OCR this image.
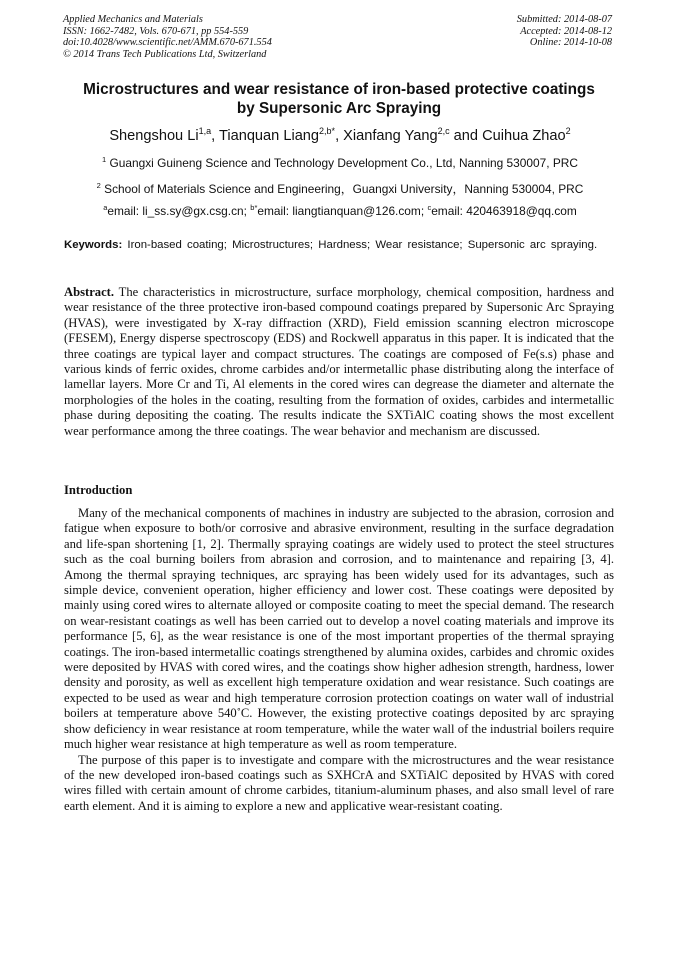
Applied Mechanics and Materials
ISSN: 1662-7482, Vols. 670-671, pp 554-559
doi:10.4028/www.scientific.net/AMM.670-671.554
© 2014 Trans Tech Publications Ltd, Switzerland
Submitted: 2014-08-07
Accepted: 2014-08-12
Online: 2014-10-08
Microstructures and wear resistance of iron-based protective coatings
by Supersonic Arc Spraying
Shengshou Li$^{1,a}$, Tianquan Liang$^{2,b*}$, Xianfang Yang$^{2,c}$ and Cuihua Zhao$^2$
$^1$ Guangxi Guineng Science and Technology Development Co., Ltd, Nanning 530007, PRC
$^2$ School of Materials Science and Engineering，Guangxi University，Nanning 530004, PRC
$^a$email: li_ss.sy@gx.csg.cn; $^{b*}$email: liangtianquan@126.com; $^c$email: 420463918@qq.com
Keywords: Iron-based coating; Microstructures; Hardness; Wear resistance; Supersonic arc spraying.
Abstract. The characteristics in microstructure, surface morphology, chemical composition, hardness and wear resistance of the three protective iron-based compound coatings prepared by Supersonic Arc Spraying (HVAS), were investigated by X-ray diffraction (XRD), Field emission scanning electron microscope (FESEM), Energy disperse spectroscopy (EDS) and Rockwell apparatus in this paper. It is indicated that the three coatings are typical layer and compact structures. The coatings are composed of Fe(s.s) phase and various kinds of ferric oxides, chrome carbides and/or intermetallic phase distributing along the interface of lamellar layers. More Cr and Ti, Al elements in the cored wires can degrease the diameter and alternate the morphologies of the holes in the coating, resulting from the formation of oxides, carbides and intermetallic phase during depositing the coating. The results indicate the SXTiAlC coating shows the most excellent wear performance among the three coatings. The wear behavior and mechanism are discussed.
Introduction

Many of the mechanical components of machines in industry are subjected to the abrasion, corrosion and fatigue when exposure to both/or corrosive and abrasive environment, resulting in the surface degradation and life-span shortening [1, 2]. Thermally spraying coatings are widely used to protect the steel structures such as the coal burning boilers from abrasion and corrosion, and to maintenance and repairing [3, 4]. Among the thermal spraying techniques, arc spraying has been widely used for its advantages, such as simple device, convenient operation, higher efficiency and lower cost. These coatings were deposited by mainly using cored wires to alternate alloyed or composite coating to meet the special demand. The research on wear-resistant coatings as well has been carried out to develop a novel coating materials and improve its performance [5, 6], as the wear resistance is one of the most important properties of the thermal spraying coatings. The iron-based intermetallic coatings strengthened by alumina oxides, carbides and chromic oxides were deposited by HVAS with cored wires, and the coatings show higher adhesion strength, hardness, lower density and porosity, as well as excellent high temperature oxidation and wear resistance. Such coatings are expected to be used as wear and high temperature corrosion protection coatings on water wall of industrial boilers at temperature above 540˚C. However, the existing protective coatings deposited by arc spraying show deficiency in wear resistance at room temperature, while the water wall of the industrial boilers require much higher wear resistance at high temperature as well as room temperature.

The purpose of this paper is to investigate and compare with the microstructures and the wear resistance of the new developed iron-based coatings such as SXHCrA and SXTiAlC deposited by HVAS with cored wires filled with certain amount of chrome carbides, titanium-aluminum phases, and also small level of rare earth element. And it is aiming to explore a new and applicative wear-resistant coating.
